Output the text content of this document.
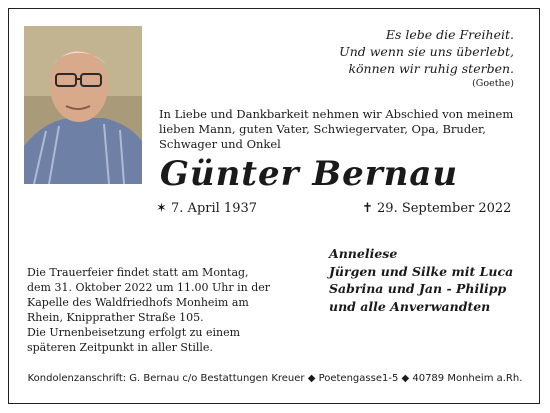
Es lebe die Freiheit.
Und wenn sie uns überlebt,
können wir ruhig sterben.
(Goethe)
In Liebe und Dankbarkeit nehmen wir Abschied von meinem
lieben Mann, guten Vater, Schwiegervater, Opa, Bruder,
Schwager und Onkel
Günter Bernau
✶ 7. April 1937	✝ 29. September 2022
Die Trauerfeier findet statt am Montag,
dem 31. Oktober 2022 um 11.00 Uhr in der
Kapelle des Waldfriedhofs Monheim am
Rhein, Knipprather Straße 105.
Die Urnenbeisetzung erfolgt zu einem
späteren Zeitpunkt in aller Stille.
Anneliese
Jürgen und Silke mit Luca
Sabrina und Jan - Philipp
und alle Anverwandten
Kondolenzanschrift: G. Bernau c/o Bestattungen Kreuer ◆ Poetengasse1-5 ◆ 40789 Monheim a.Rh.
